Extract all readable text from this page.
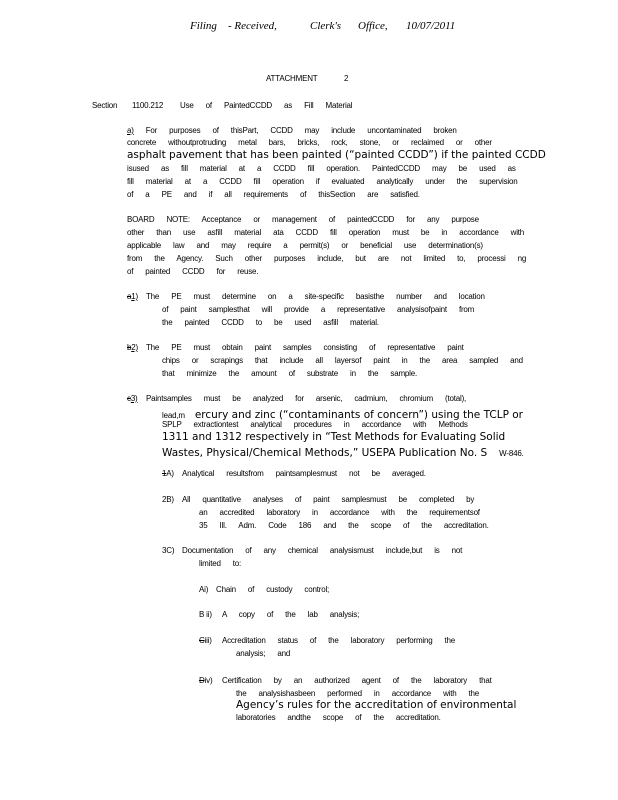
Filing - Received,	Clerk's Office, 10/07/2011
ATTACHMENT	2
Section 1100.212 Use of PaintedCCDD as Fill Material
a) For purposes of thisPart, CCDD may include uncontaminated broken
concrete withoutprotruding metal bars, bricks, rock, stone, or reclaimed or other
asphalt pavement that has been painted (“painted CCDD”) if the painted CCDD
isused as fill material at a CCDD fill operation. PaintedCCDD may be used as
fill material at a CCDD fill operation if evaluated analytically under the supervision
of a PE and if all requirements of thisSection are satisfied.
BOARD NOTE: Acceptance or management of paintedCCDD for any purpose
other than use asfill material ata CCDD fill operation must be in accordance with
applicable law and may require a permit(s) or beneficial use determination(s)
from the Agency. Such other purposes include, but are not limited to, processi ng
of painted CCDD for reuse.
a1) The PE must determine on a site-specific basisthe number and location
of paint samplesthat will provide a representative analysisofpaint from
the painted CCDD to be used asfill material.
b2) The PE must obtain paint samples consisting of representative paint
chips or scrapings that include all layersof paint in the area sampled and
that minimize the amount of substrate in the sample.
c3) Paintsamples must be analyzed for arsenic, cadmium, chromium (total),
lead,m ercury and zinc (“contaminants of concern”) using the TCLP or
SPLP extractiontest analytical procedures in accordance with Methods
1311 and 1312 respectively in “Test Methods for Evaluating Solid
Wastes, Physical/Chemical Methods,” USEPA Publication No. S W-846.
1A) Analytical resultsfrom paintsamplesmust not be averaged.
2B) All quantitative analyses of paint samplesmust be completed by
an accredited laboratory in accordance with the requirementsof
35 Ill. Adm. Code 186 and the scope of the accreditation.
3C) Documentation of any chemical analysismust include,but is not
limited to:
Ai) Chain of custody control;
B ii) A copy of the lab analysis;
Ciii) Accreditation status of the laboratory performing the
analysis; and
Div) Certification by an authorized agent of the laboratory that
the analysishasbeen performed in accordance with the
Agency’s rules for the accreditation of environmental
laboratories andthe scope of the accreditation.
